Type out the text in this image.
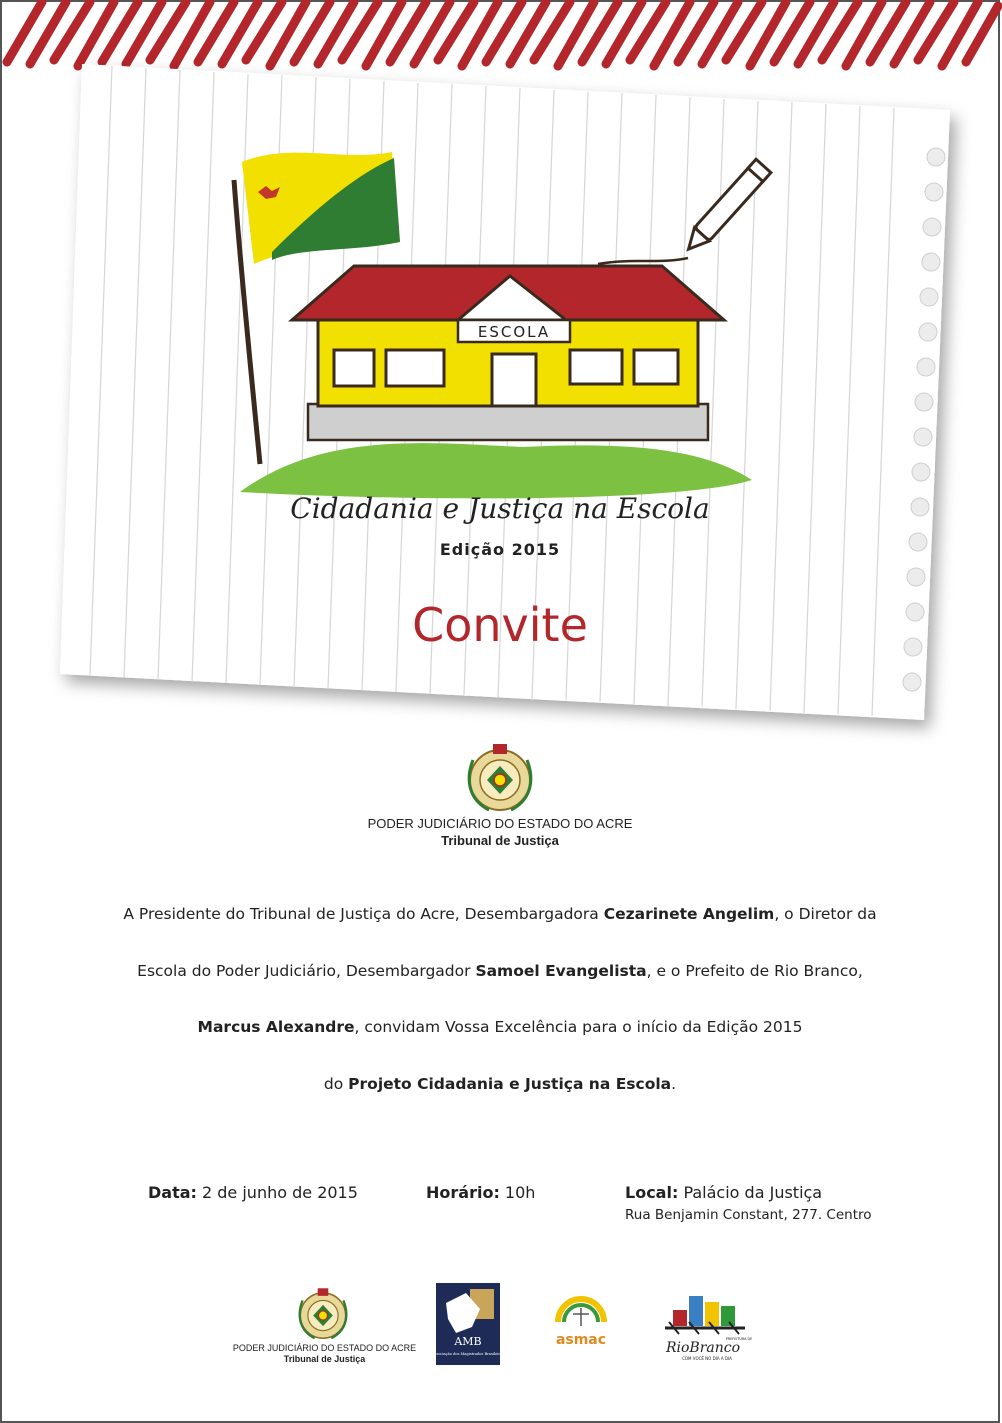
ESCOLA
Cidadania e Justiça na Escola
Edição 2015
Convite
PODER JUDICIÁRIO DO ESTADO DO ACRE
Tribunal de Justiça
A Presidente do Tribunal de Justiça do Acre, Desembargadora Cezarinete Angelim, o Diretor da
Escola do Poder Judiciário, Desembargador Samoel Evangelista, e o Prefeito de Rio Branco,
Marcus Alexandre, convidam Vossa Excelência para o início da Edição 2015
do Projeto Cidadania e Justiça na Escola.
Data: 2 de junho de 2015	Horário: 10h	Local: Palácio da Justiça
Rua Benjamin Constant, 277. Centro
PODER JUDICIÁRIO DO ESTADO DO ACRE
Tribunal de Justiça
AMB
Associação dos Magistrados Brasileiros
asmac	RioBranco
PREFEITURA DE
COM VOCÊ NO DIA A DIA
